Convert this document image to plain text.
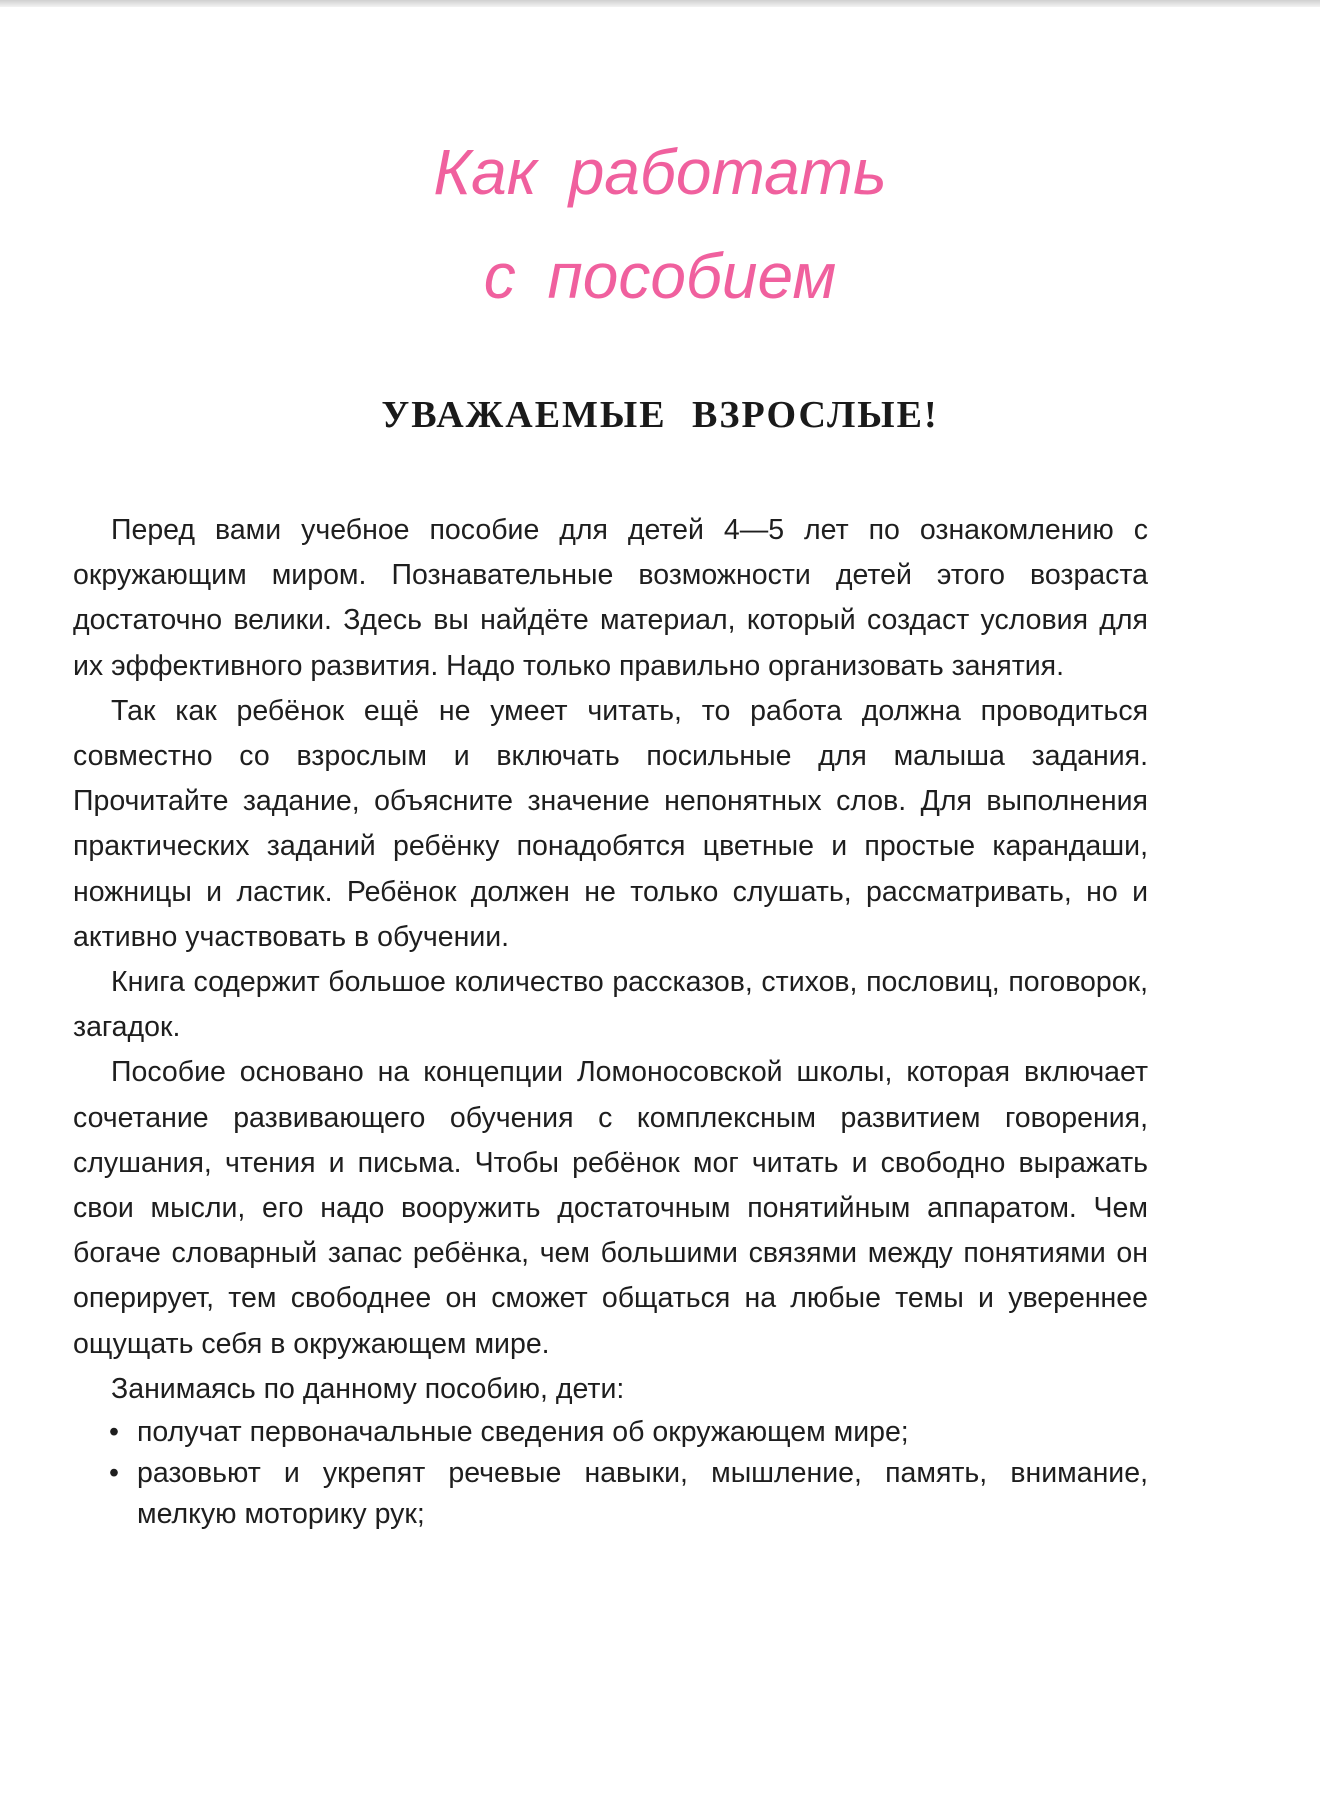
Как работать
с пособием
УВАЖАЕМЫЕ ВЗРОСЛЫЕ!

Перед вами учебное пособие для детей 4—5 лет по ознакомлению с окружающим миром. Познавательные возможности детей этого возраста достаточно велики. Здесь вы найдёте материал, который создаст условия для их эффективного развития. Надо только правильно организовать занятия.

Так как ребёнок ещё не умеет читать, то работа должна проводиться совместно со взрослым и включать посильные для малыша задания. Прочитайте задание, объясните значение непонятных слов. Для выполнения практических заданий ребёнку понадобятся цветные и простые карандаши, ножницы и ластик. Ребёнок должен не только слушать, рассматривать, но и активно участвовать в обучении.

Книга содержит большое количество рассказов, стихов, пословиц, поговорок, загадок.

Пособие основано на концепции Ломоносовской школы, которая включает сочетание развивающего обучения с комплексным развитием говорения, слушания, чтения и письма. Чтобы ребёнок мог читать и свободно выражать свои мысли, его надо вооружить достаточным понятийным аппаратом. Чем богаче словарный запас ребёнка, чем большими связями между понятиями он оперирует, тем свободнее он сможет общаться на любые темы и увереннее ощущать себя в окружающем мире.

Занимаясь по данному пособию, дети:

• получат первоначальные сведения об окружающем мире;
• разовьют и укрепят речевые навыки, мышление, память, внимание, мелкую моторику рук;
